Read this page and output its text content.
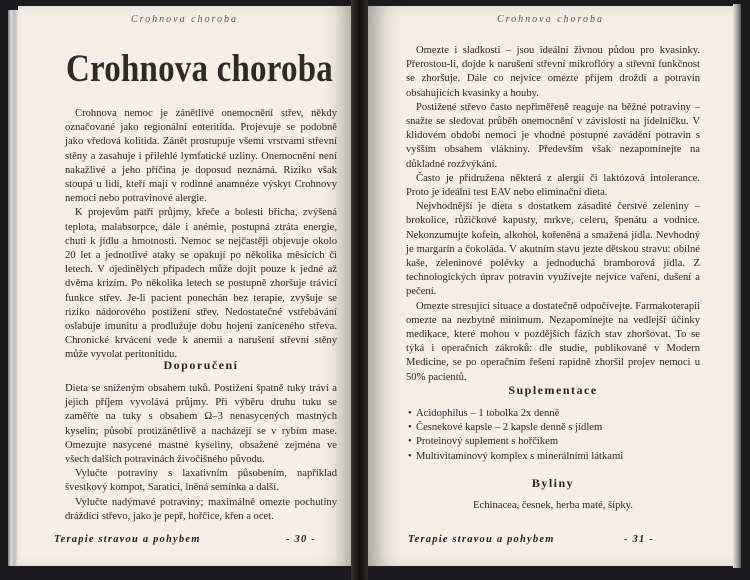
Crohnova choroba
Crohnova choroba

Crohnova nemoc je zánětlivé onemocnění střev, někdy označované jako regionální enteritida. Projevuje se podobně jako vředová kolitida. Zánět prostupuje všemi vrstvami střevní stěny a zasahuje i přilehlé lymfatické uzliny. Onemocnění není nakažlivé a jeho příčina je doposud neznámá. Riziko však stoupá u lidí, kteří mají v rodinné anamnéze výskyt Crohnovy nemoci nebo potravinové alergie.

K projevům patří průjmy, křeče a bolesti břicha, zvýšená teplota, malabsorpce, dále i anémie, postupná ztráta energie, chuti k jídlu a hmotnosti. Nemoc se nejčastěji objevuje okolo 20 let a jednotlivé ataky se opakují po několika měsících či letech. V ojedinělých případech může dojít pouze k jedné až dvěma krizím. Po několika letech se postupně zhoršuje trávicí funkce střev. Je-li pacient ponechán bez terapie, zvyšuje se riziko nádorového postižení střev. Nedostatečné vstřebávání oslabuje imunitu a prodlužuje dobu hojení zaníceného střeva. Chronické krvácení vede k anemii a narušení střevní stěny může vyvolat peritonitidu.

Doporučení

Dieta se sníženým obsahem tuků. Postižení špatně tuky tráví a jejich příjem vyvolává průjmy. Při výběru druhu tuku se zaměřte na tuky s obsahem Ω–3 nenasycených mastných kyselin; působí protizánětlivě a nacházejí se v rybím mase. Omezujte nasycené mastné kyseliny, obsažené zejména ve všech dalších potravinách živočišného původu.

Vylučte potraviny s laxativním působením, například švestkový kompot, Saratici, lněná semínka a další.

Vylučte nadýmavé potraviny; maximálně omezte pochutiny dráždící střevo, jako je pepř, hořčice, křen a ocet.

Terapie stravou a pohybem	- 30 -
Crohnova choroba

Omezte i sladkosti – jsou ideální živnou půdou pro kvasinky. Přerostou-li, dojde k narušení střevní mikroflóry a střevní funkčnost se zhoršuje. Dále co nejvíce omezte příjem droždí a potravin obsahujících kvasinky a houby.

Postižené střevo často nepřiměřeně reaguje na běžné potraviny – snažte se sledovat průběh onemocnění v závislosti na jídelníčku. V klidovém období nemoci je vhodné postupné zavádění potravin s vyšším obsahem vlákniny. Především však nezapomínejte na důkladné rozžvýkání.

Často je přidružena některá z alergií či laktózová intolerance. Proto je ideální test EAV nebo eliminační dieta.

Nejvhodnější je dieta s dostatkem zásadité čerstvé zeleniny – brokolice, růžičkové kapusty, mrkve, celeru, špenátu a vodnice. Nekonzumujte kofein, alkohol, kořeněná a smažená jídla. Nevhodný je margarín a čokoláda. V akutním stavu jezte dětskou stravu: obilné kaše, zeleninové polévky a jednoduchá bramborová jídla. Z technologických úprav potravin využívejte nejvíce vaření, dušení a pečení.

Omezte stresující situace a dostatečně odpočívejte. Farmakoterapii omezte na nezbytné minimum. Nezapomínejte na vedlejší účinky medikace, které mohou v pozdějších fázích stav zhoršovat. To se týká i operačních zákroků: dle studie, publikované v Modern Medicine, se po operačním řešení rapidně zhoršil projev nemoci u 50% pacientů.

Suplementace
• Acidophilus – 1 tobolka 2x denně
• Česnekové kapsle – 2 kapsle denně s jídlem
• Proteinový suplement s hořčíkem
• Multivitamínový komplex s minerálními látkami
Byliny
Echinacea, česnek, herba maté, šípky.
Terapie stravou a pohybem	- 31 -
